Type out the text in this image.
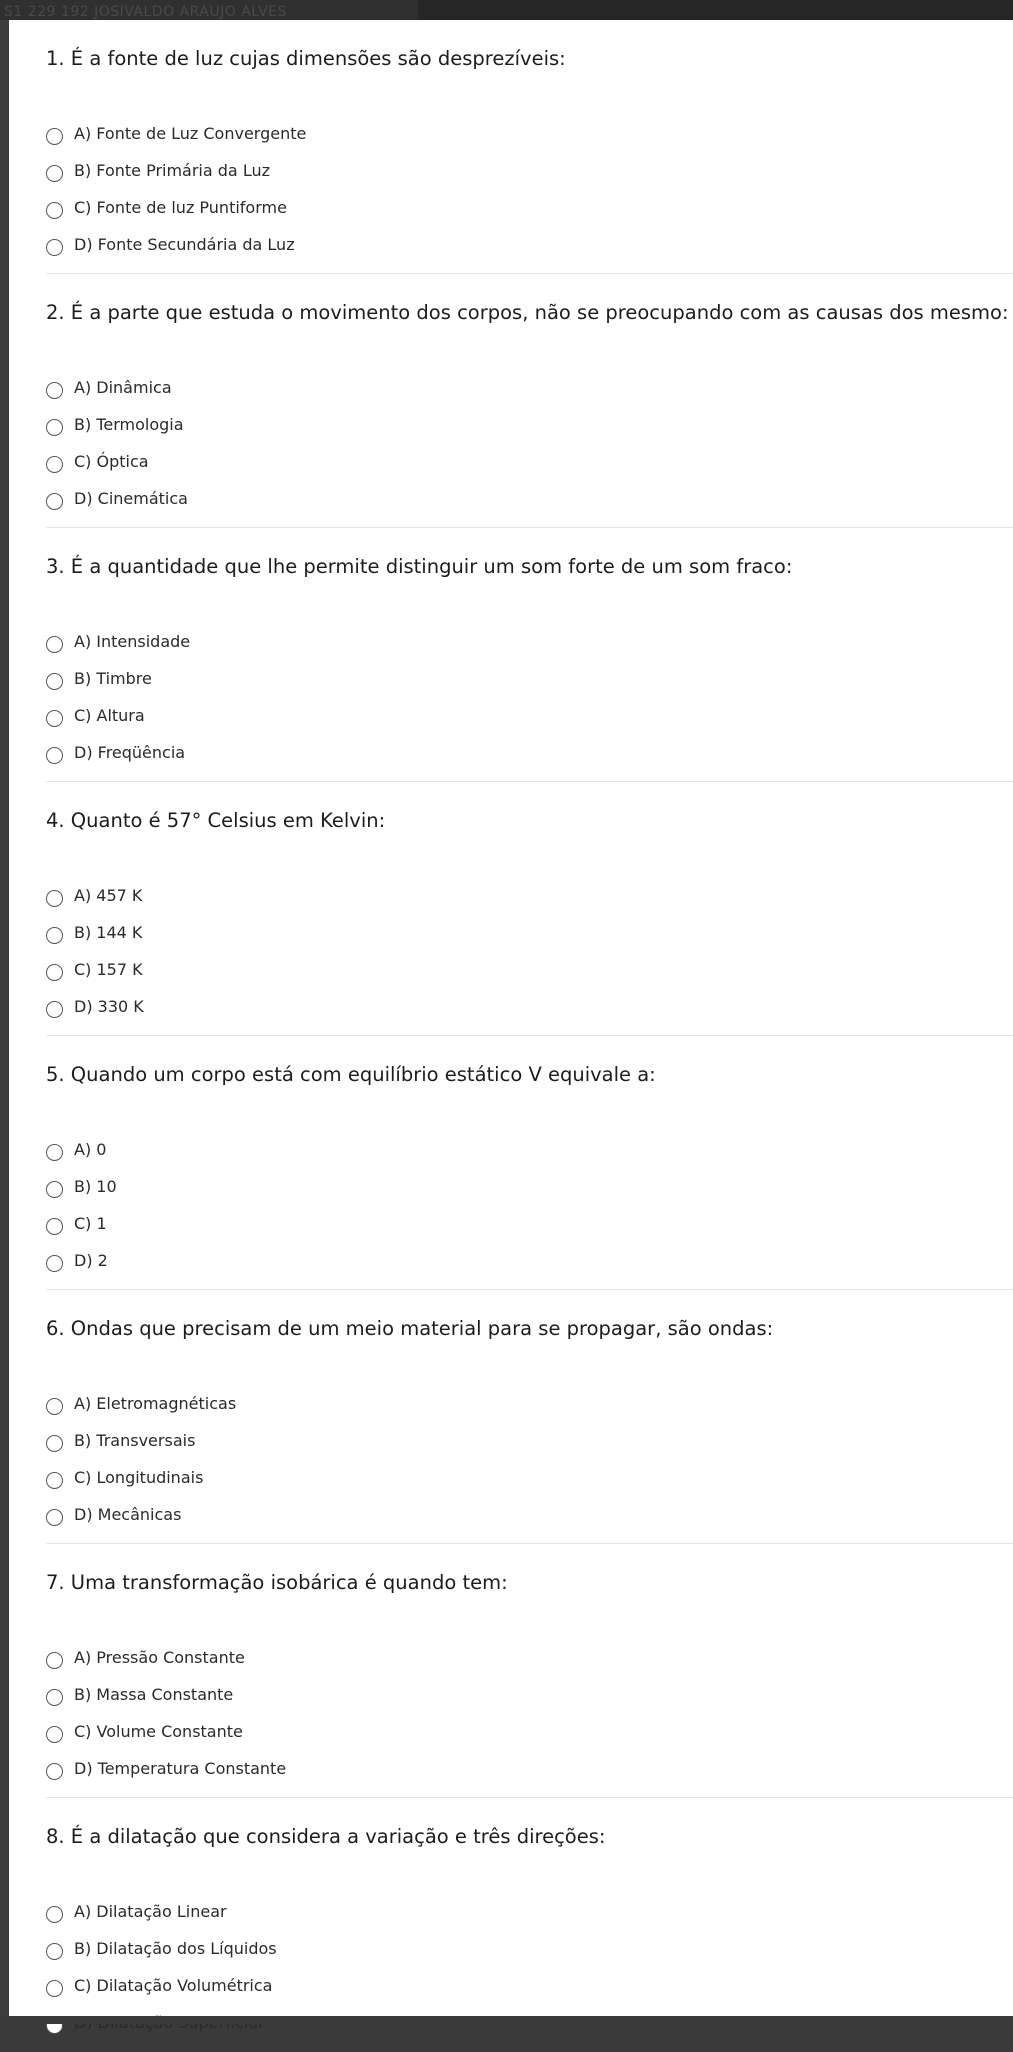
S1 229 192 JOSIVALDO ARAUJO ALVES
1. É a fonte de luz cujas dimensões são desprezíveis:
A) Fonte de Luz Convergente
B) Fonte Primária da Luz
C) Fonte de luz Puntiforme
D) Fonte Secundária da Luz
2. É a parte que estuda o movimento dos corpos, não se preocupando com as causas dos mesmo:
A) Dinâmica
B) Termologia
C) Óptica
D) Cinemática
3. É a quantidade que lhe permite distinguir um som forte de um som fraco:
A) Intensidade
B) Timbre
C) Altura
D) Freqüência
4. Quanto é 57° Celsius em Kelvin:
A) 457 K
B) 144 K
C) 157 K
D) 330 K
5. Quando um corpo está com equilíbrio estático V equivale a:
A) 0
B) 10
C) 1
D) 2
6. Ondas que precisam de um meio material para se propagar, são ondas:
A) Eletromagnéticas
B) Transversais
C) Longitudinais
D) Mecânicas
7. Uma transformação isobárica é quando tem:
A) Pressão Constante
B) Massa Constante
C) Volume Constante
D) Temperatura Constante
8. É a dilatação que considera a variação e três direções:
A) Dilatação Linear
B) Dilatação dos Líquidos
C) Dilatação Volumétrica
